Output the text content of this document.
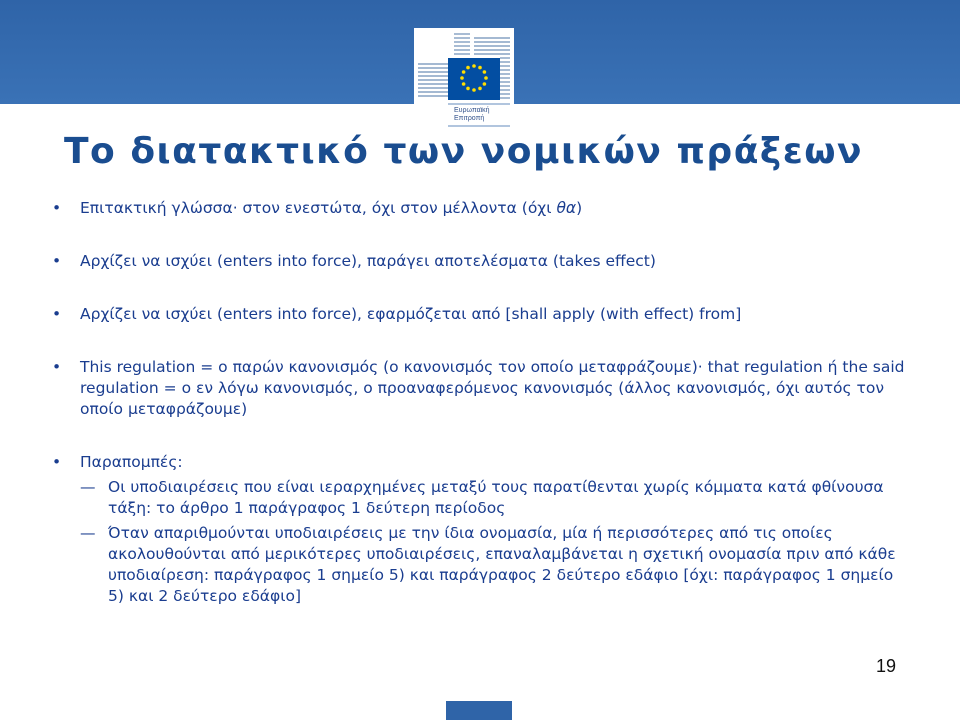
Ευρωπαϊκή
Επιτροπή
Το διατακτικό των νομικών πράξεων

• Επιτακτική γλώσσα· στον ενεστώτα, όχι στον μέλλοντα (όχι θα)

• Αρχίζει να ισχύει (enters into force), παράγει αποτελέσματα (takes effect)

• Αρχίζει να ισχύει (enters into force), εφαρμόζεται από [shall apply (with effect) from]

• This regulation = ο παρών κανονισμός (ο κανονισμός τον οποίο μεταφράζουμε)· that regulation ή the said regulation = ο εν λόγω κανονισμός, ο προαναφερόμενος κανονισμός (άλλος κανονισμός, όχι αυτός τον οποίο μεταφράζουμε)

• Παραπομπές:

— Οι υποδιαιρέσεις που είναι ιεραρχημένες μεταξύ τους παρατίθενται χωρίς κόμματα κατά φθίνουσα τάξη: το άρθρο 1 παράγραφος 1 δεύτερη περίοδος

— Όταν απαριθμούνται υποδιαιρέσεις με την ίδια ονομασία, μία ή περισσότερες από τις οποίες ακολουθούνται από μερικότερες υποδιαιρέσεις, επαναλαμβάνεται η σχετική ονομασία πριν από κάθε υποδιαίρεση: παράγραφος 1 σημείο 5) και παράγραφος 2 δεύτερο εδάφιο [όχι: παράγραφος 1 σημείο 5) και 2 δεύτερο εδάφιο]

19
